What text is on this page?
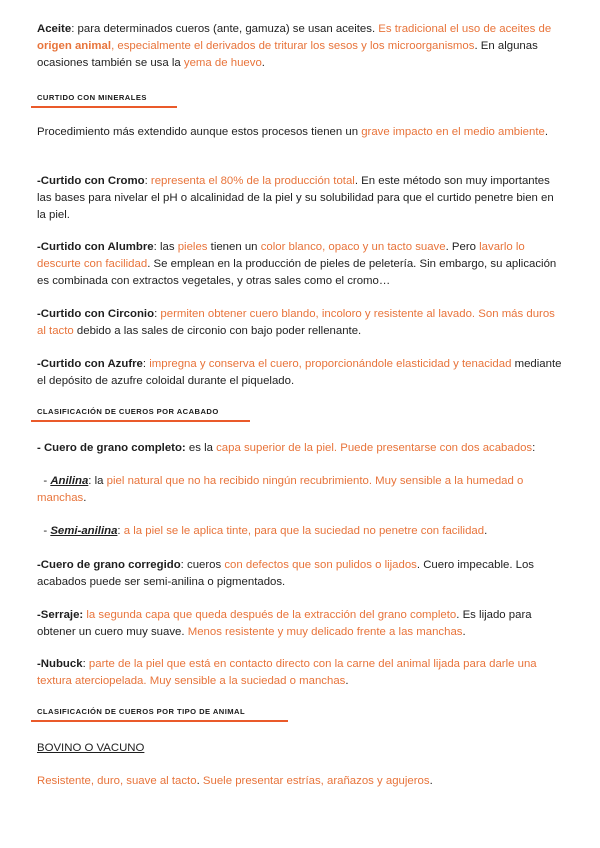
Aceite: para determinados cueros (ante, gamuza) se usan aceites. Es tradicional el uso de aceites de origen animal, especialmente el derivados de triturar los sesos y los microorganismos. En algunas ocasiones también se usa la yema de huevo.

CURTIDO CON MINERALES

Procedimiento más extendido aunque estos procesos tienen un grave impacto en el medio ambiente.

-Curtido con Cromo: representa el 80% de la producción total. En este método son muy importantes las bases para nivelar el pH o alcalinidad de la piel y su solubilidad para que el curtido penetre bien en la piel.

-Curtido con Alumbre: las pieles tienen un color blanco, opaco y un tacto suave. Pero lavarlo lo descurte con facilidad. Se emplean en la producción de pieles de peletería. Sin embargo, su aplicación es combinada con extractos vegetales, y otras sales como el cromo…

-Curtido con Circonio: permiten obtener cuero blando, incoloro y resistente al lavado. Son más duros al tacto debido a las sales de circonio con bajo poder rellenante.

-Curtido con Azufre: impregna y conserva el cuero, proporcionándole elasticidad y tenacidad mediante el depósito de azufre coloidal durante el piquelado.

CLASIFICACIÓN DE CUEROS POR ACABADO

- Cuero de grano completo: es la capa superior de la piel. Puede presentarse con dos acabados:

- Anilina: la piel natural que no ha recibido ningún recubrimiento. Muy sensible a la humedad o manchas.

- Semi-anilina: a la piel se le aplica tinte, para que la suciedad no penetre con facilidad.

-Cuero de grano corregido: cueros con defectos que son pulidos o lijados. Cuero impecable. Los acabados puede ser semi-anilina o pigmentados.

-Serraje: la segunda capa que queda después de la extracción del grano completo. Es lijado para obtener un cuero muy suave. Menos resistente y muy delicado frente a las manchas.

-Nubuck: parte de la piel que está en contacto directo con la carne del animal lijada para darle una textura aterciopelada. Muy sensible a la suciedad o manchas.

CLASIFICACIÓN DE CUEROS POR TIPO DE ANIMAL

BOVINO O VACUNO

Resistente, duro, suave al tacto. Suele presentar estrías, arañazos y agujeros.
